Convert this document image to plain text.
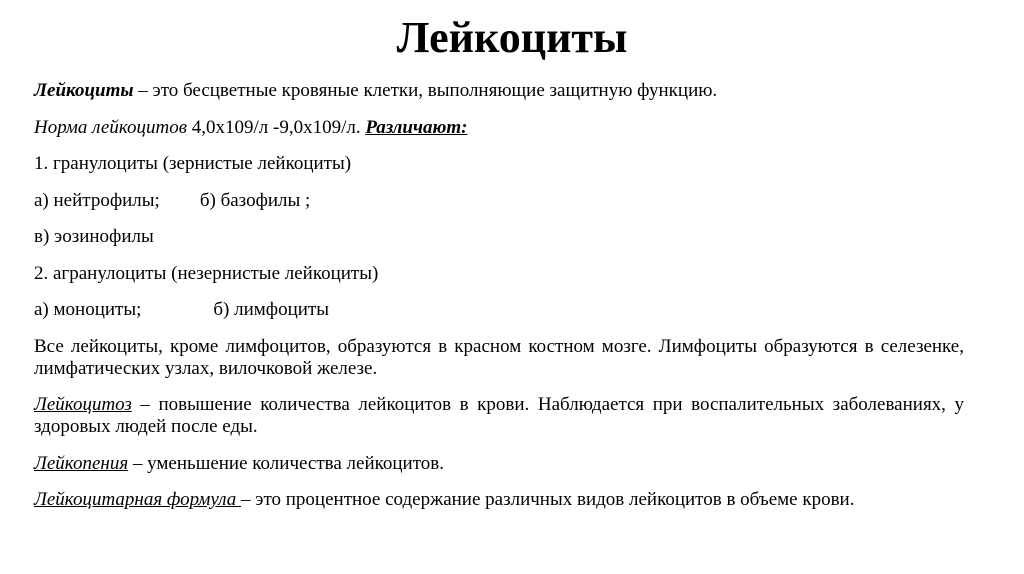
Лейкоциты

Лейкоциты – это бесцветные кровяные клетки, выполняющие защитную функцию.

Норма лейкоцитов 4,0х109/л -9,0х109/л. Различают:

1. гранулоциты (зернистые лейкоциты)

а) нейтрофилы; б) базофилы ;

в) эозинофилы

2. агранулоциты (незернистые лейкоциты)

а) моноциты;	б) лимфоциты

Все лейкоциты, кроме лимфоцитов, образуются в красном костном мозге. Лимфоциты образуются в селезенке, лимфатических узлах, вилочковой железе.

Лейкоцитоз – повышение количества лейкоцитов в крови. Наблюдается при воспалительных заболеваниях, у здоровых людей после еды.

Лейкопения – уменьшение количества лейкоцитов.

Лейкоцитарная формула – это процентное содержание различных видов лейкоцитов в объеме крови.
